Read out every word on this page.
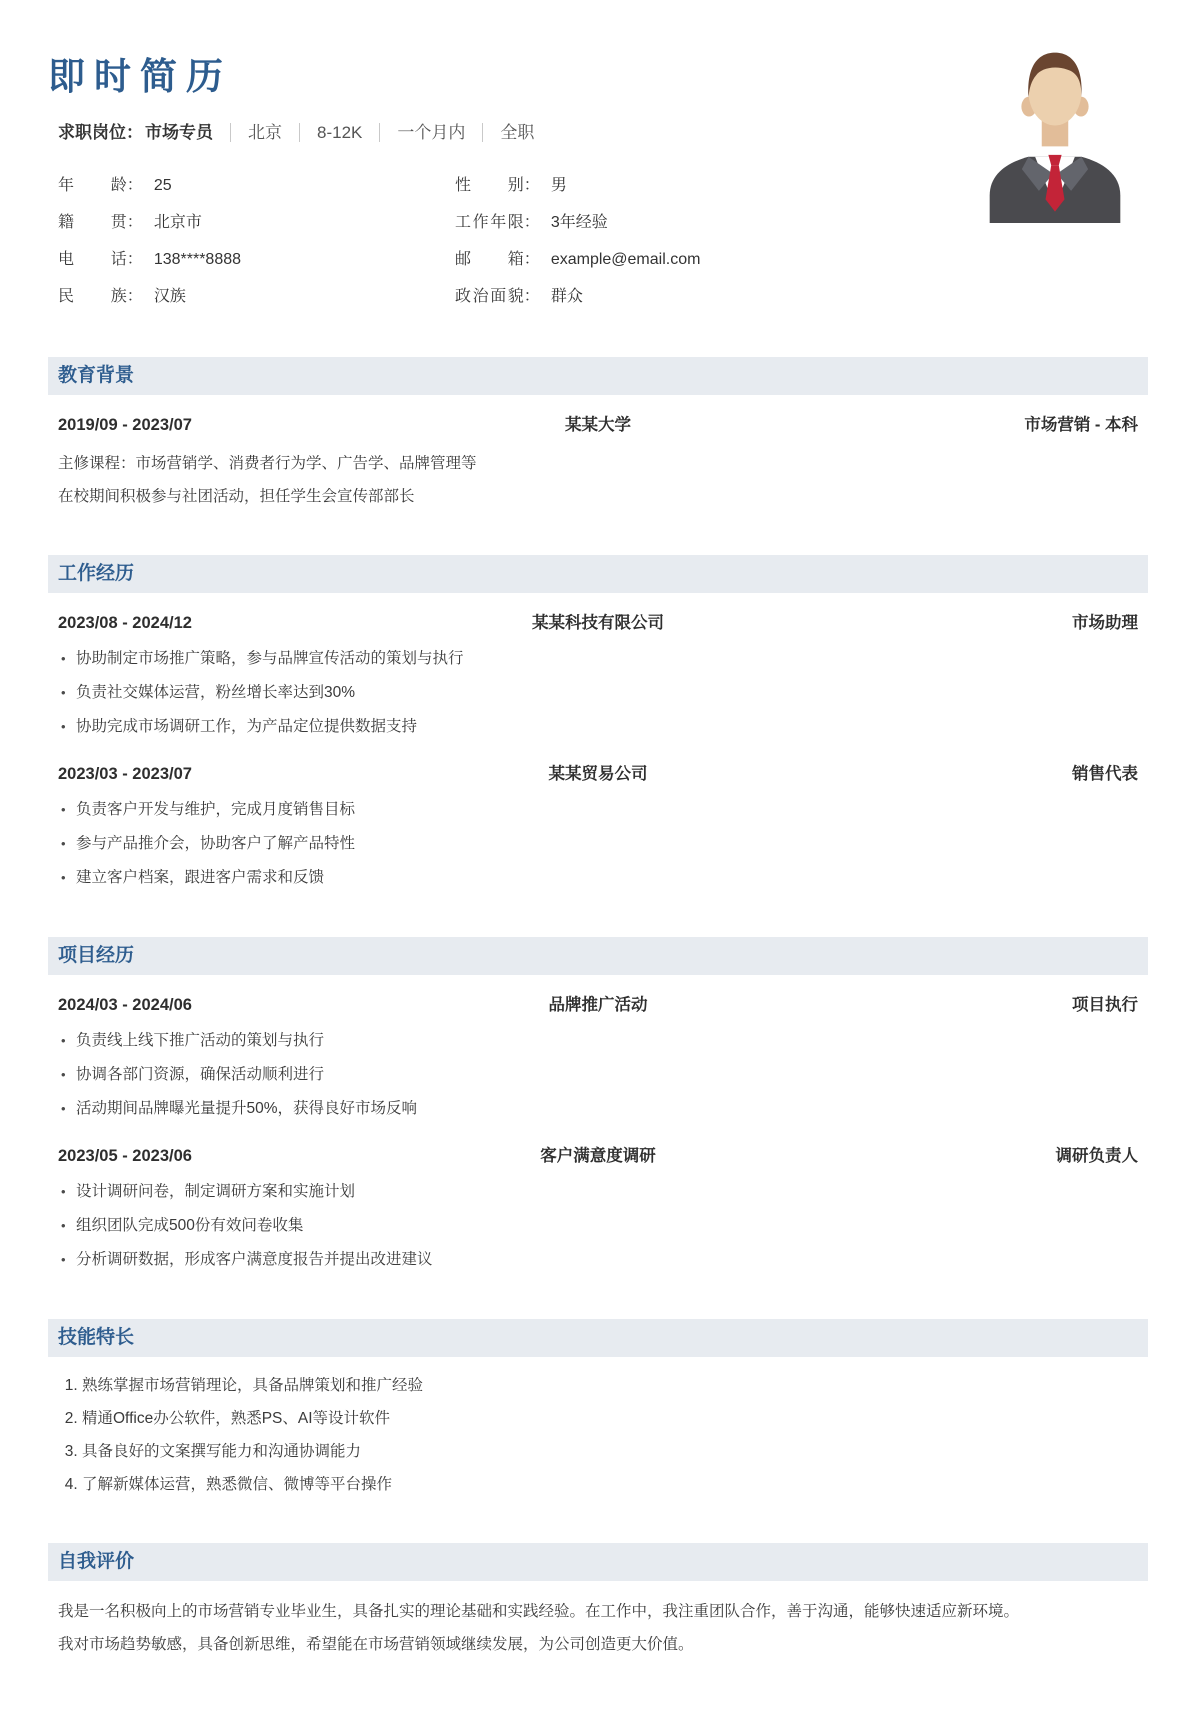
即时简历
求职岗位： 市场专员 北京 8-12K 一个月内 全职
年龄： 25	性别： 男
籍贯： 北京市	工作年限： 3年经验
电话： 138****8888	邮箱： example@email.com
民族： 汉族	政治面貌： 群众
教育背景
2019/09 - 2023/07	某某大学	市场营销 - 本科
主修课程：市场营销学、消费者行为学、广告学、品牌管理等
在校期间积极参与社团活动，担任学生会宣传部部长
工作经历
2023/08 - 2024/12	某某科技有限公司	市场助理
• 协助制定市场推广策略，参与品牌宣传活动的策划与执行
• 负责社交媒体运营，粉丝增长率达到30%
• 协助完成市场调研工作，为产品定位提供数据支持
2023/03 - 2023/07	某某贸易公司	销售代表
• 负责客户开发与维护，完成月度销售目标
• 参与产品推介会，协助客户了解产品特性
• 建立客户档案，跟进客户需求和反馈
项目经历
2024/03 - 2024/06	品牌推广活动	项目执行
• 负责线上线下推广活动的策划与执行
• 协调各部门资源，确保活动顺利进行
• 活动期间品牌曝光量提升50%，获得良好市场反响
2023/05 - 2023/06	客户满意度调研	调研负责人
• 设计调研问卷，制定调研方案和实施计划
• 组织团队完成500份有效问卷收集
• 分析调研数据，形成客户满意度报告并提出改进建议
技能特长
1. 熟练掌握市场营销理论，具备品牌策划和推广经验
2. 精通Office办公软件，熟悉PS、AI等设计软件
3. 具备良好的文案撰写能力和沟通协调能力
4. 了解新媒体运营，熟悉微信、微博等平台操作
自我评价

我是一名积极向上的市场营销专业毕业生，具备扎实的理论基础和实践经验。在工作中，我注重团队合作，善于沟通，能够快速适应新环境。

我对市场趋势敏感，具备创新思维，希望能在市场营销领域继续发展，为公司创造更大价值。
